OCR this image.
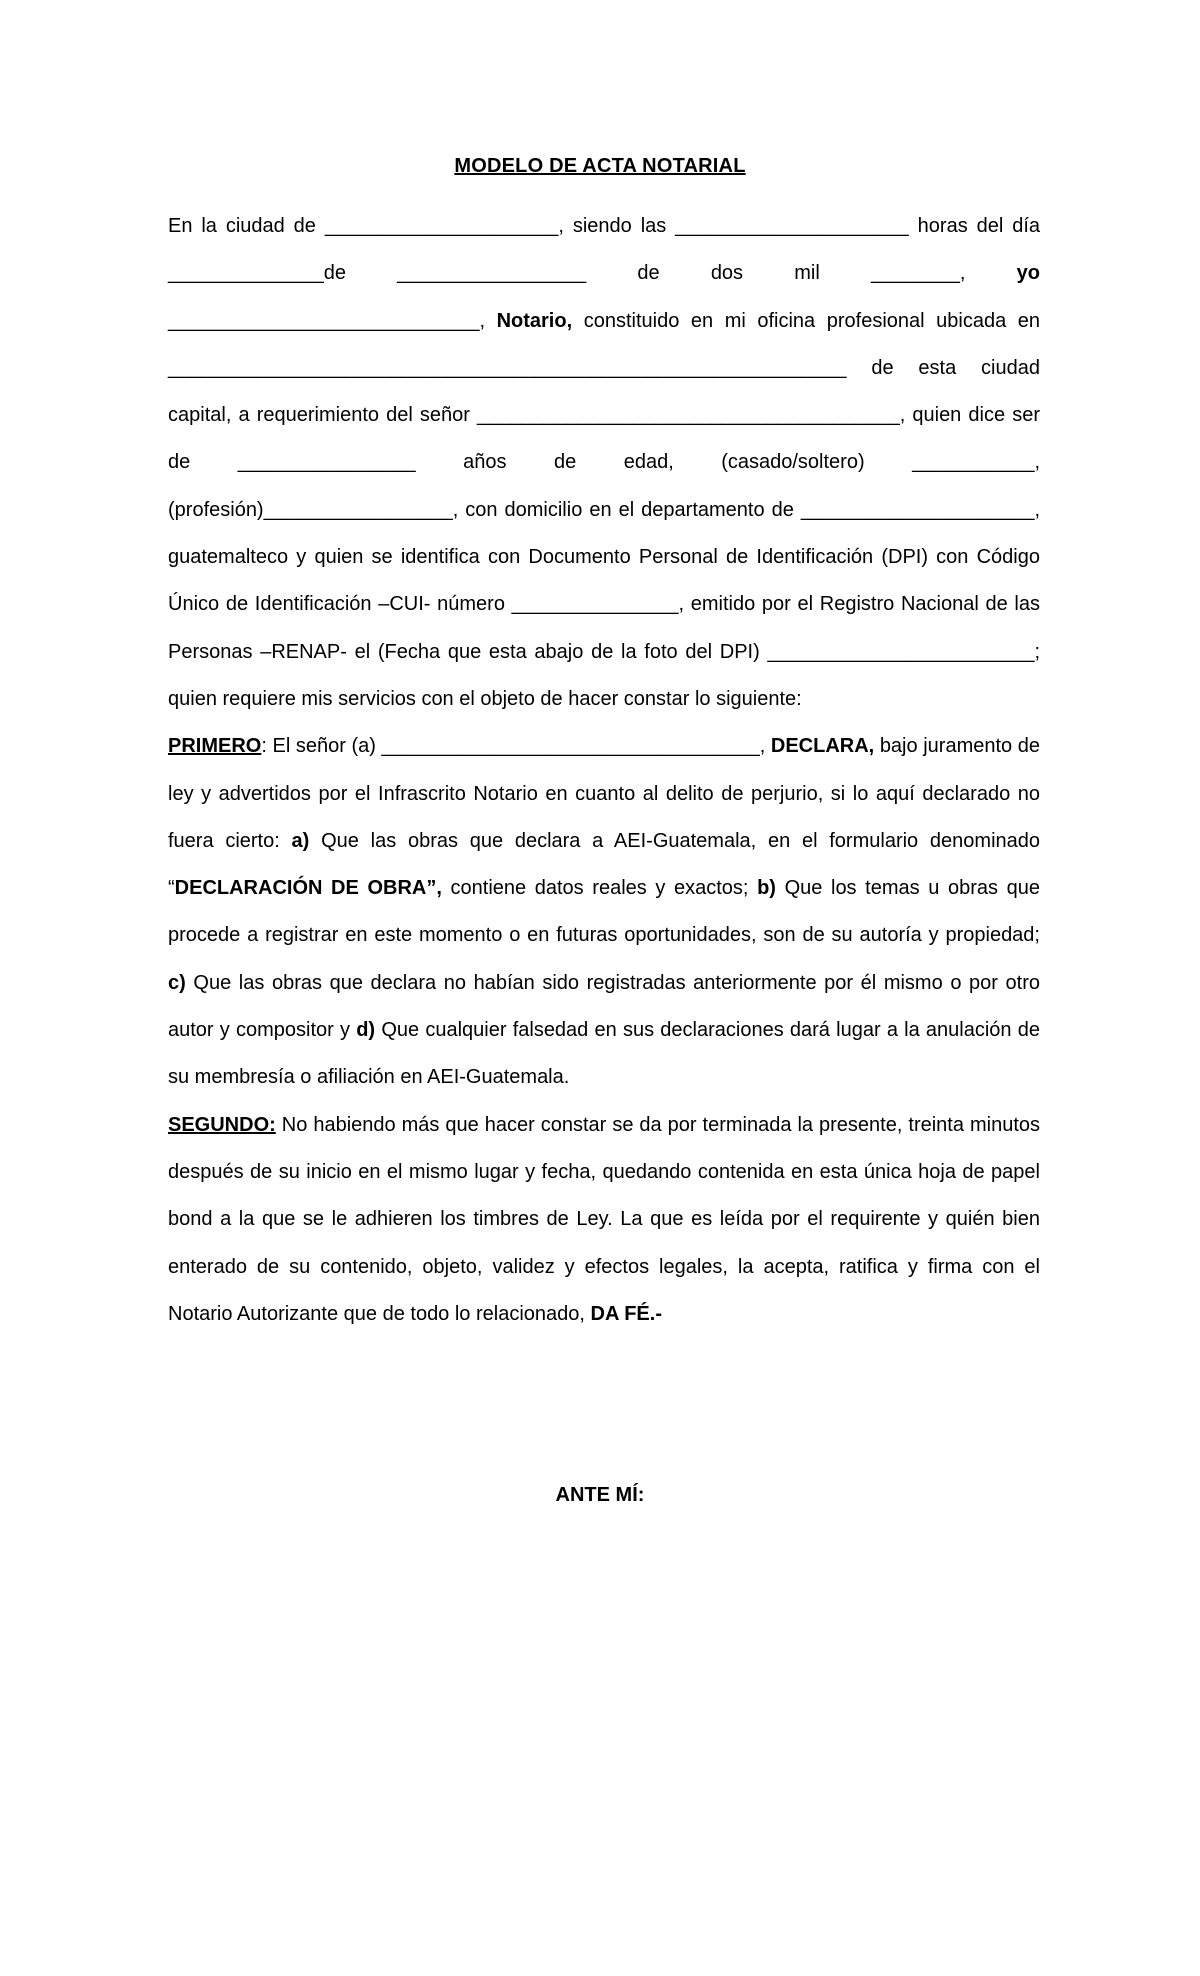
MODELO DE ACTA NOTARIAL

En la ciudad de _____________________, siendo las _____________________ horas del día ______________de _________________ de dos mil ________, yo ____________________________, Notario, constituido en mi oficina profesional ubicada en _____________________________________________________________ de esta ciudad capital, a requerimiento del señor ______________________________________, quien dice ser de ________________ años de edad, (casado/soltero) ___________, (profesión)_________________, con domicilio en el departamento de _____________________, guatemalteco y quien se identifica con Documento Personal de Identificación (DPI) con Código Único de Identificación –CUI- número _______________, emitido por el Registro Nacional de las Personas –RENAP- el (Fecha que esta abajo de la foto del DPI) ________________________; quien requiere mis servicios con el objeto de hacer constar lo siguiente:

PRIMERO: El señor (a) __________________________________, DECLARA, bajo juramento de ley y advertidos por el Infrascrito Notario en cuanto al delito de perjurio, si lo aquí declarado no fuera cierto: a) Que las obras que declara a AEI-Guatemala, en el formulario denominado “DECLARACIÓN DE OBRA”, contiene datos reales y exactos; b) Que los temas u obras que procede a registrar en este momento o en futuras oportunidades, son de su autoría y propiedad; c) Que las obras que declara no habían sido registradas anteriormente por él mismo o por otro autor y compositor y d) Que cualquier falsedad en sus declaraciones dará lugar a la anulación de su membresía o afiliación en AEI-Guatemala.

SEGUNDO: No habiendo más que hacer constar se da por terminada la presente, treinta minutos después de su inicio en el mismo lugar y fecha, quedando contenida en esta única hoja de papel bond a la que se le adhieren los timbres de Ley. La que es leída por el requirente y quién bien enterado de su contenido, objeto, validez y efectos legales, la acepta, ratifica y firma con el Notario Autorizante que de todo lo relacionado, DA FÉ.-

ANTE MÍ:
